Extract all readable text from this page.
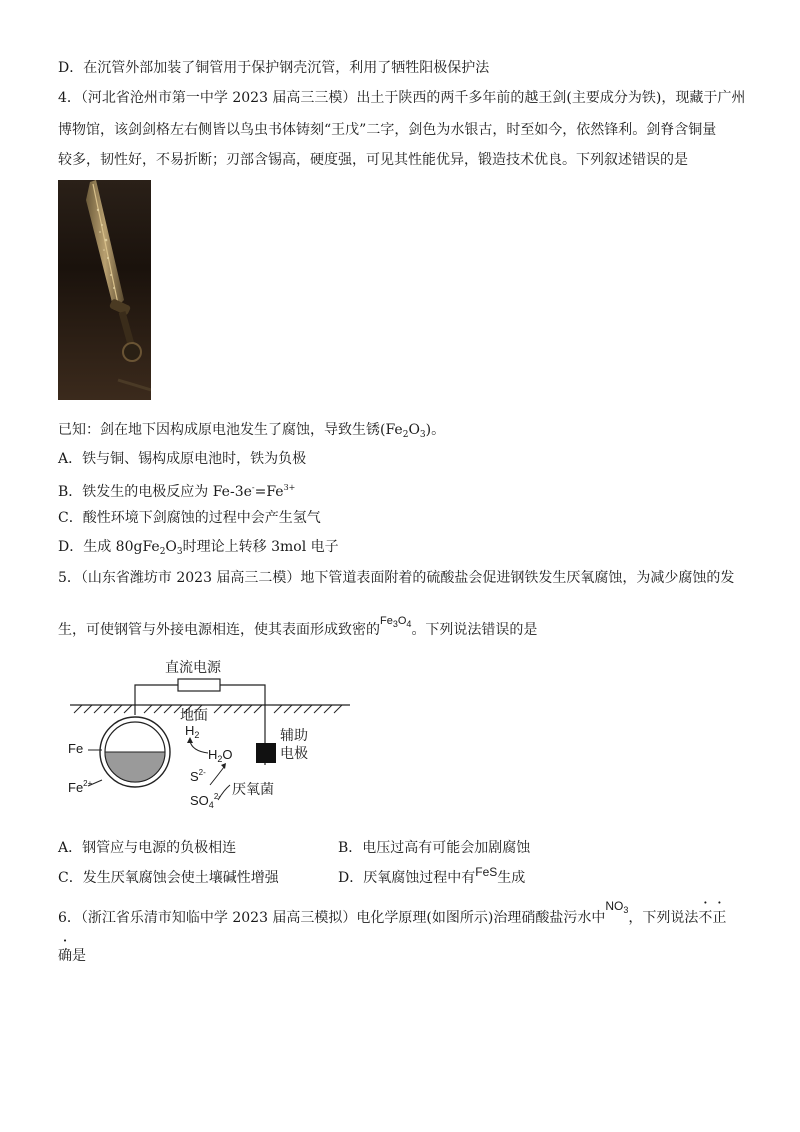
D．在沉管外部加装了铜管用于保护钢壳沉管，利用了牺牲阳极保护法
4．（河北省沧州市第一中学 2023 届高三三模）出土于陕西的两千多年前的越王剑(主要成分为铁)，现藏于广州
博物馆，该剑剑格左右侧皆以鸟虫书体铸刻“王戊”二字，剑色为水银古，时至如今，依然锋利。剑脊含铜量
较多，韧性好，不易折断；刃部含锡高，硬度强，可见其性能优异，锻造技术优良。下列叙述错误的是
已知：剑在地下因构成原电池发生了腐蚀，导致生锈$(Fe_2O_3)$。
A．铁与铜、锡构成原电池时，铁为负极
B．铁发生的电极反应为 $Fe-3e^-=Fe^{3+}$
C．酸性环境下剑腐蚀的过程中会产生氢气
D．生成 $80gFe_2O_3$时理论上转移 3mol 电子
5．（山东省潍坊市 2023 届高三二模）地下管道表面附着的硫酸盐会促进钢铁发生厌氧腐蚀，为减少腐蚀的发
生，可使钢管与外接电源相连，使其表面形成致密的$Fe_3O_4$。下列说法错误的是
直流电源
地面
辅助
电极
Fe
$Fe^{2+}$
$H_2$
$H_2O$
$S^{2-}$
$SO_4^{2-}$ 厌氧菌
A．钢管应与电源的负极相连	B．电压过高有可能会加剧腐蚀
C．发生厌氧腐蚀会使土壤碱性增强	D．厌氧腐蚀过程中有FeS生成
6．（浙江省乐清市知临中学 2023 届高三模拟）电化学原理(如图所示)治理硝酸盐污水中$NO_3$，下列说法不正
确是
